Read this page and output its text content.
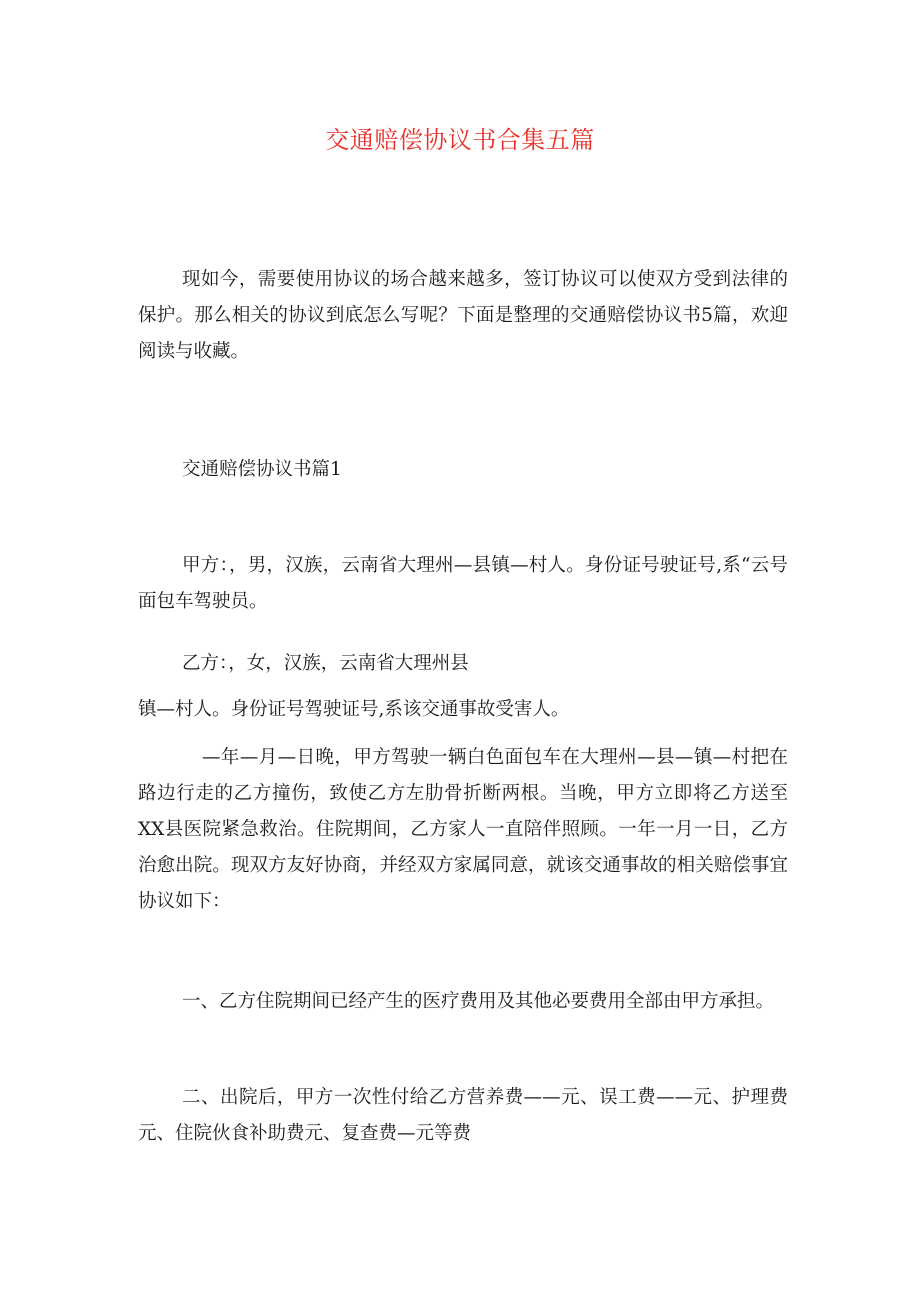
交通赔偿协议书合集五篇

现如今，需要使用协议的场合越来越多，签订协议可以使双方受到法律的保护。那么相关的协议到底怎么写呢？下面是整理的交通赔偿协议书5篇，欢迎阅读与收藏。

交通赔偿协议书篇1

甲方：，男，汉族，云南省大理州—县镇—村人。身份证号驶证号,系“云号面包车驾驶员。

乙方：，女，汉族，云南省大理州县

镇—村人。身份证号驾驶证号,系该交通事故受害人。

—年—月—日晚，甲方驾驶一辆白色面包车在大理州—县—镇—村把在路边行走的乙方撞伤，致使乙方左肋骨折断两根。当晚，甲方立即将乙方送至XX县医院紧急救治。住院期间，乙方家人一直陪伴照顾。一年一月一日，乙方治愈出院。现双方友好协商，并经双方家属同意，就该交通事故的相关赔偿事宜协议如下：

一、乙方住院期间已经产生的医疗费用及其他必要费用全部由甲方承担。

二、出院后，甲方一次性付给乙方营养费——元、误工费——元、护理费元、住院伙食补助费元、复查费—元等费
